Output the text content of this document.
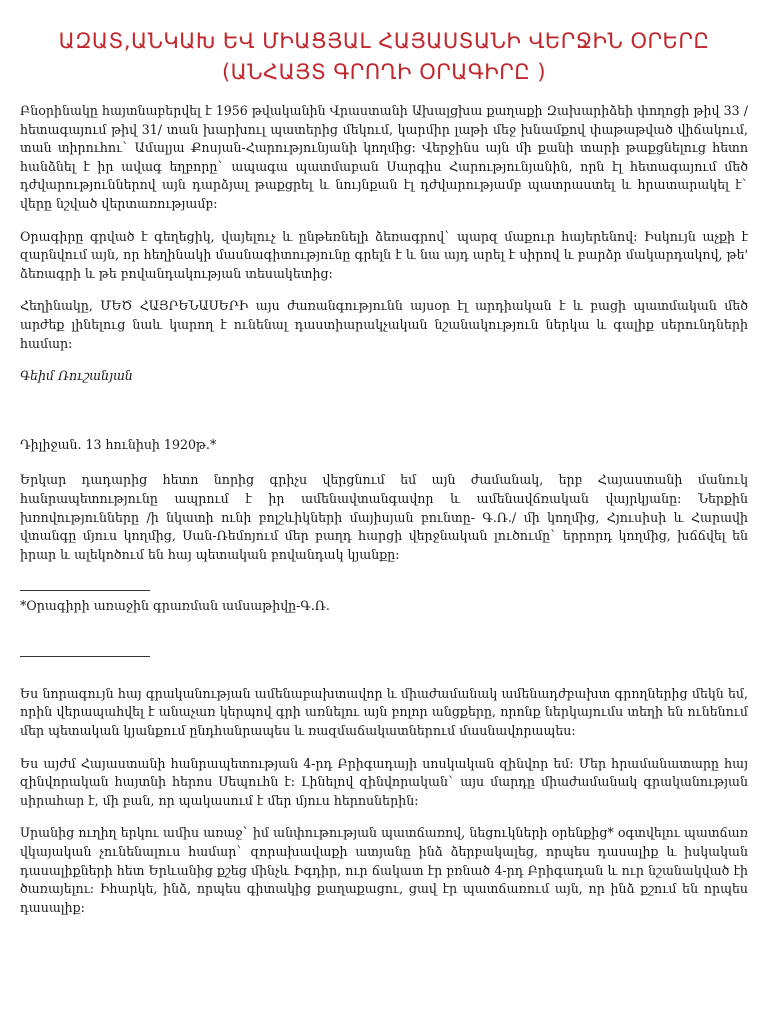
ԱԶԱՏ,ԱՆԿԱԽ ԵՎ ՄԻԱՑՅԱԼ ՀԱՅԱՍՏԱՆԻ ՎԵՐՋԻՆ ՕՐԵՐԸ
(ԱՆՀԱՅՏ ԳՐՈՂԻ ՕՐԱԳԻՐԸ )

Բնօրինակը հայտնաբերվել է 1956 թվականին Վրաստանի Ախալցխա քաղաքի Զախարիձեի փողոցի թիվ 33 /հետագայում թիվ 31/ տան խարխուլ պատերից մեկում, կարմիր լաթի մեջ խնամքով փաթաթված վիճակում, տան տիրուհու` Ամալյա Քոսյան-Հարությունյանի կողմից: Վերջինս այն մի քանի տարի թաքցնելուց հետո հանձնել է իր ավագ եղբորը` ապագա պատմաբան Սարգիս Հարությունյանին, որն էլ հետագայում մեծ դժվարություններով այն դարձյալ թաքցրել և նույնքան էլ դժվարությամբ պատրաստել և հրատարակել է` վերը նշված վերտառությամբ:

Օրագիրը գրված է գեղեցիկ, վայելուչ և ընթեռնելի ձեռագրով` պարզ մաքուր հայերենով: Իսկույն աչքի է զարնվում այն, որ հեղինակի մասնագիտությունը գրելն է և նա այդ արել է սիրով և բարձր մակարդակով, թե' ձեռագրի և թե բովանդակության տեսակետից:

Հեղինակը, ՄԵԾ ՀԱՅՐԵՆԱՍԵՐԻ այս ժառանգությունն այսօր էլ արդիական է և բացի պատմական մեծ արժեք լինելուց նաև կարող է ունենալ դաստիարակչական նշանակություն ներկա և գալիք սերունդների համար:

Գեիմ Ռուշանյան
Դիլիջան. 13 հունիսի 1920թ.*

Երկար դադարից հետո նորից գրիչս վերցնում եմ այն ժամանակ, երբ Հայաստանի մանուկ հանրապետությունը ապրում է իր ամենավտանգավոր և ամենավճռական վայրկյանը: Ներքին խռովությունները /ի նկատի ունի բոլշևիկների մայիսյան բունտը- Գ.Ռ./ մի կողմից, Հյուսիսի և Հարավի վտանգը մյուս կողմից, Սան-Ռեմոյում մեր բաղդ հարցի վերջնական լուծումը` երրորդ կողմից, խճճվել են իրար և ալեկոծում են հայ պետական բովանդակ կյանքը:

*Օրագիրի առաջին գրառման ամսաթիվը-Գ.Ռ.

Ես նորագույն հայ գրականության ամենաբախտավոր և միաժամանակ ամենադժբախտ գրողներից մեկն եմ, որին վերապահվել է անաչառ կերպով գրի առնելու այն բոլոր անցքերը, որոնք ներկայումս տեղի են ունենում մեր պետական կյանքում ընդհանրապես և ռազմաճակատներում մասնավորապես:

Ես այժմ Հայաստանի հանրապետության 4-րդ Բրիգադայի սոսկական զինվոր եմ: Մեր հրամանատարը հայ զինվորական հայտնի հերոս Սեպուհն է: Լինելով զինվորական` այս մարդը միաժամանակ գրականության սիրահար է, մի բան, որ պակասում է մեր մյուս հերոսներին:

Սրանից ուղիղ երկու ամիս առաջ` իմ անփութության պատճառով, նեցուկների օրենքից* օգտվելու պատճառ վկայական չունենալուս համար` զորախավաքի ատյանը ինձ ձերբակալեց, որպես դասալիք և իսկական դասալիքների հետ Երևանից քշեց մինչև Իգդիր, ուր ճակատ էր բռնած 4-րդ Բրիգադան և ուր նշանակված էի ծառայելու: Իհարկե, ինձ, որպես գիտակից քաղաքացու, ցավ էր պատճառում այն, որ ինձ քշում են որպես դասալիք:
